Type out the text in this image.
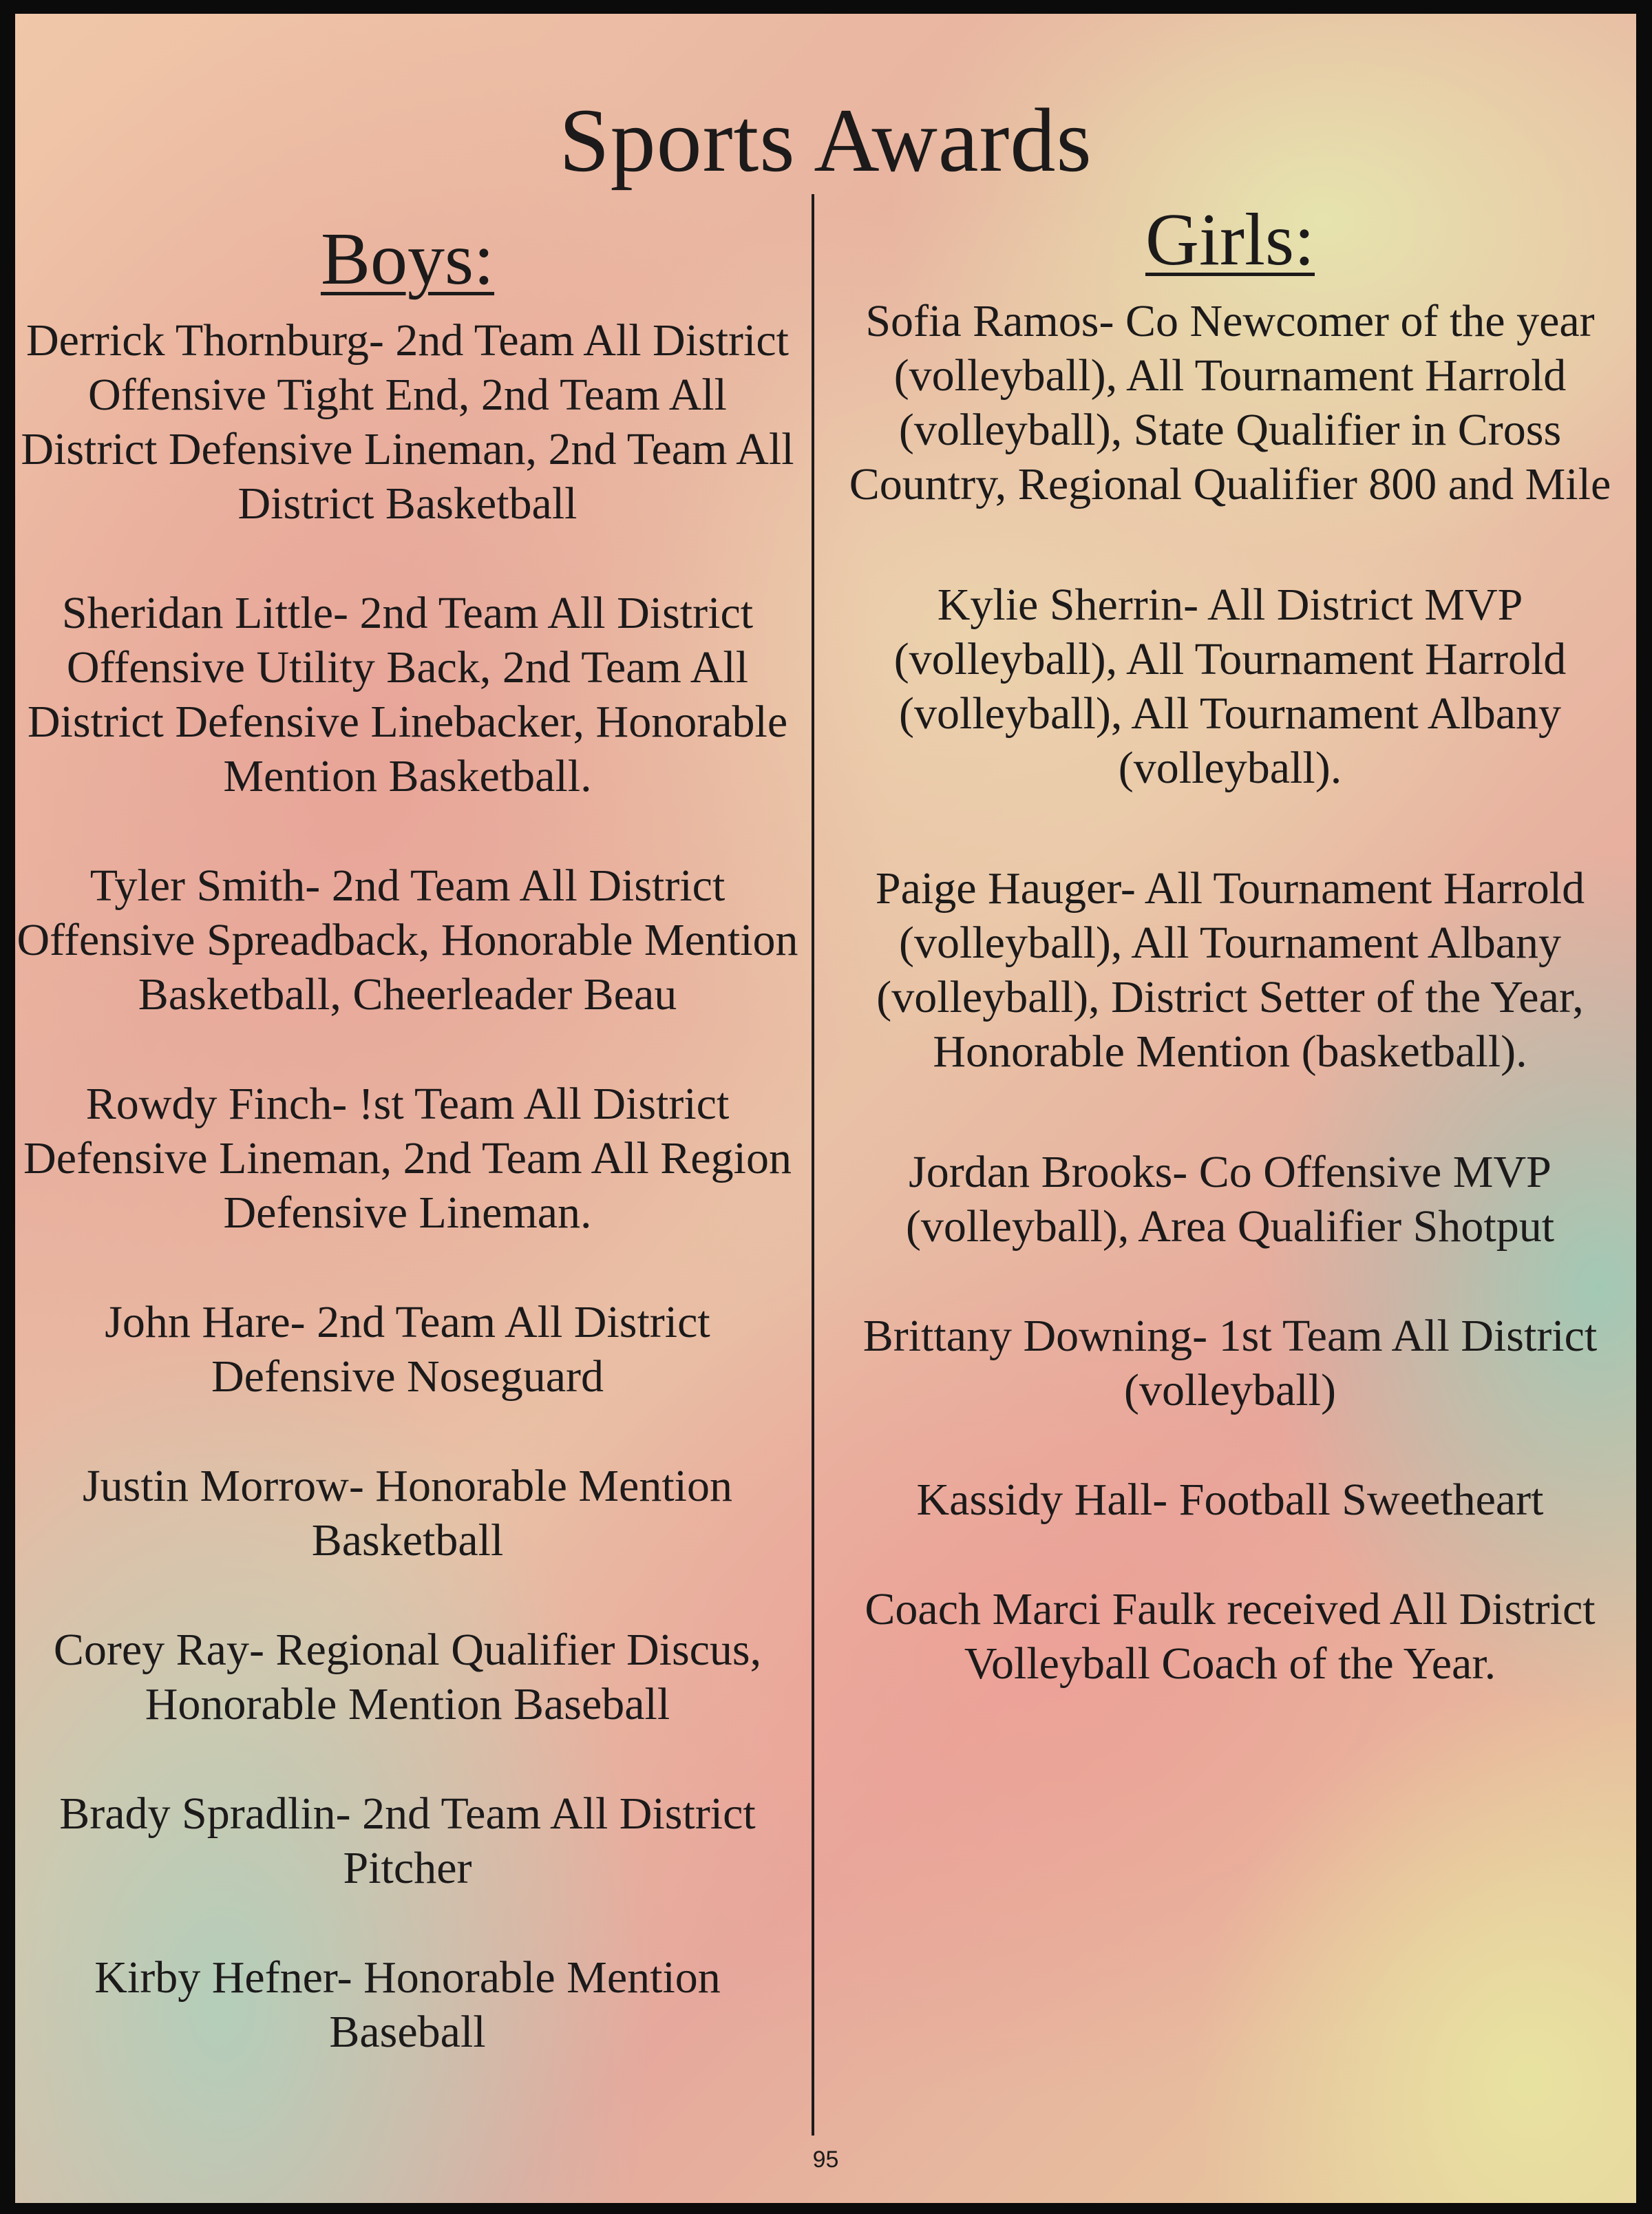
Sports Awards
Boys:

Derrick Thornburg- 2nd Team All District Offensive Tight End, 2nd Team All District Defensive Lineman, 2nd Team All District Basketball

Sheridan Little- 2nd Team All District Offensive Utility Back, 2nd Team All District Defensive Linebacker, Honorable Mention Basketball.

Tyler Smith- 2nd Team All District Offensive Spreadback, Honorable Mention Basketball, Cheerleader Beau

Rowdy Finch- !st Team All District Defensive Lineman, 2nd Team All Region Defensive Lineman.

John Hare- 2nd Team All District Defensive Noseguard

Justin Morrow- Honorable Mention Basketball

Corey Ray- Regional Qualifier Discus, Honorable Mention Baseball

Brady Spradlin- 2nd Team All District Pitcher

Kirby Hefner- Honorable Mention Baseball

Girls:

Sofia Ramos- Co Newcomer of the year (volleyball), All Tournament Harrold (volleyball), State Qualifier in Cross Country, Regional Qualifier 800 and Mile

Kylie Sherrin- All District MVP (volleyball), All Tournament Harrold (volleyball), All Tournament Albany (volleyball).

Paige Hauger- All Tournament Harrold (volleyball), All Tournament Albany (volleyball), District Setter of the Year, Honorable Mention (basketball).

Jordan Brooks- Co Offensive MVP (volleyball), Area Qualifier Shotput

Brittany Downing- 1st Team All District (volleyball)

Kassidy Hall- Football Sweetheart

Coach Marci Faulk received All District Volleyball Coach of the Year.

95
